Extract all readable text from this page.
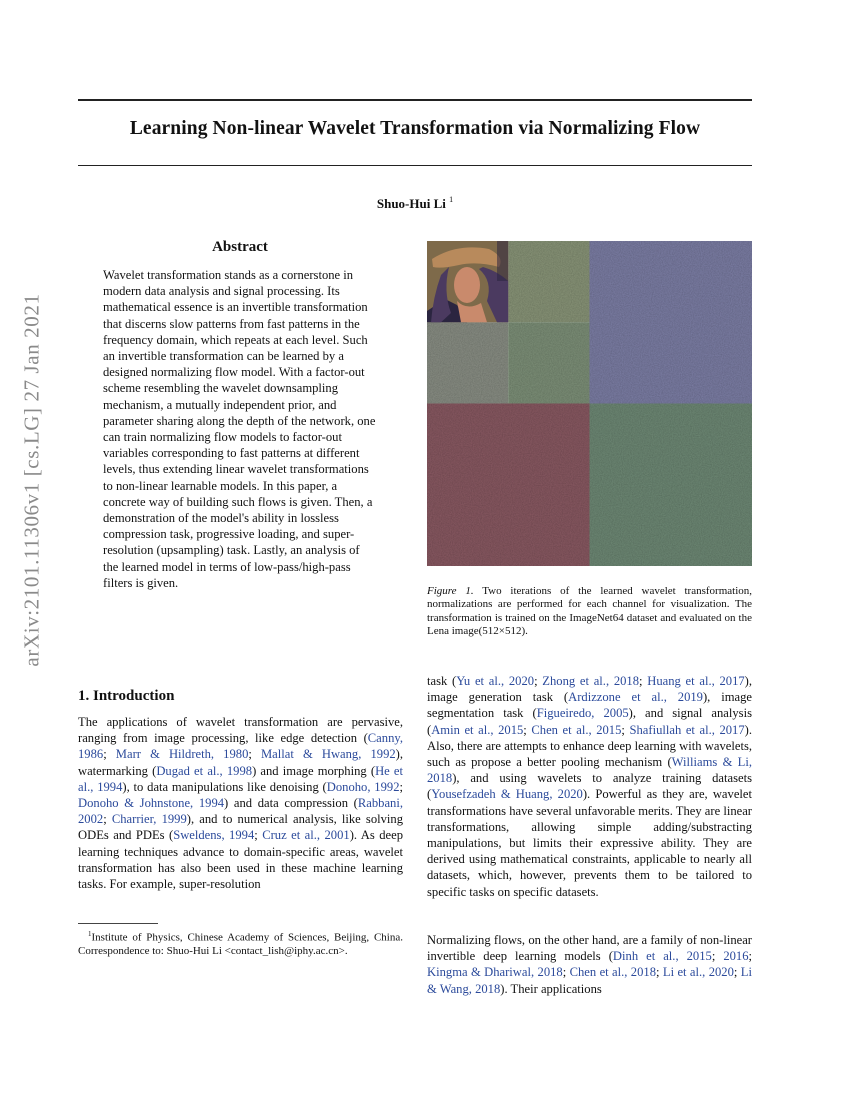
Learning Non-linear Wavelet Transformation via Normalizing Flow
Shuo-Hui Li $^1$
arXiv:2101.11306v1 [cs.LG] 27 Jan 2021
Abstract

Wavelet transformation stands as a cornerstone in modern data analysis and signal processing. Its mathematical essence is an invertible transformation that discerns slow patterns from fast patterns in the frequency domain, which repeats at each level. Such an invertible transformation can be learned by a designed normalizing flow model. With a factor-out scheme resembling the wavelet downsampling mechanism, a mutually independent prior, and parameter sharing along the depth of the network, one can train normalizing flow models to factor-out variables corresponding to fast patterns at different levels, thus extending linear wavelet transformations to non-linear learnable models. In this paper, a concrete way of building such flows is given. Then, a demonstration of the model's ability in lossless compression task, progressive loading, and super-resolution (upsampling) task. Lastly, an analysis of the learned model in terms of low-pass/high-pass filters is given.

1. Introduction

The applications of wavelet transformation are pervasive, ranging from image processing, like edge detection (Canny, 1986; Marr & Hildreth, 1980; Mallat & Hwang, 1992), watermarking (Dugad et al., 1998) and image morphing (He et al., 1994), to data manipulations like denoising (Donoho, 1992; Donoho & Johnstone, 1994) and data compression (Rabbani, 2002; Charrier, 1999), and to numerical analysis, like solving ODEs and PDEs (Sweldens, 1994; Cruz et al., 2001). As deep learning techniques advance to domain-specific areas, wavelet transformation has also been used in these machine learning tasks. For example, super-resolution

$^1$Institute of Physics, Chinese Academy of Sciences, Beijing, China. Correspondence to: Shuo-Hui Li <contact_lish@iphy.ac.cn>.

Figure 1. Two iterations of the learned wavelet transformation, normalizations are performed for each channel for visualization. The transformation is trained on the ImageNet64 dataset and evaluated on the Lena image(512×512).

task (Yu et al., 2020; Zhong et al., 2018; Huang et al., 2017), image generation task (Ardizzone et al., 2019), image segmentation task (Figueiredo, 2005), and signal analysis (Amin et al., 2015; Chen et al., 2015; Shafiullah et al., 2017). Also, there are attempts to enhance deep learning with wavelets, such as propose a better pooling mechanism (Williams & Li, 2018), and using wavelets to analyze training datasets (Yousefzadeh & Huang, 2020). Powerful as they are, wavelet transformations have several unfavorable merits. They are linear transformations, allowing simple adding/substracting manipulations, but limits their expressive ability. They are derived using mathematical constraints, applicable to nearly all datasets, which, however, prevents them to be tailored to specific tasks on specific datasets.

Normalizing flows, on the other hand, are a family of non-linear invertible deep learning models (Dinh et al., 2015; 2016; Kingma & Dhariwal, 2018; Chen et al., 2018; Li et al., 2020; Li & Wang, 2018). Their applications
